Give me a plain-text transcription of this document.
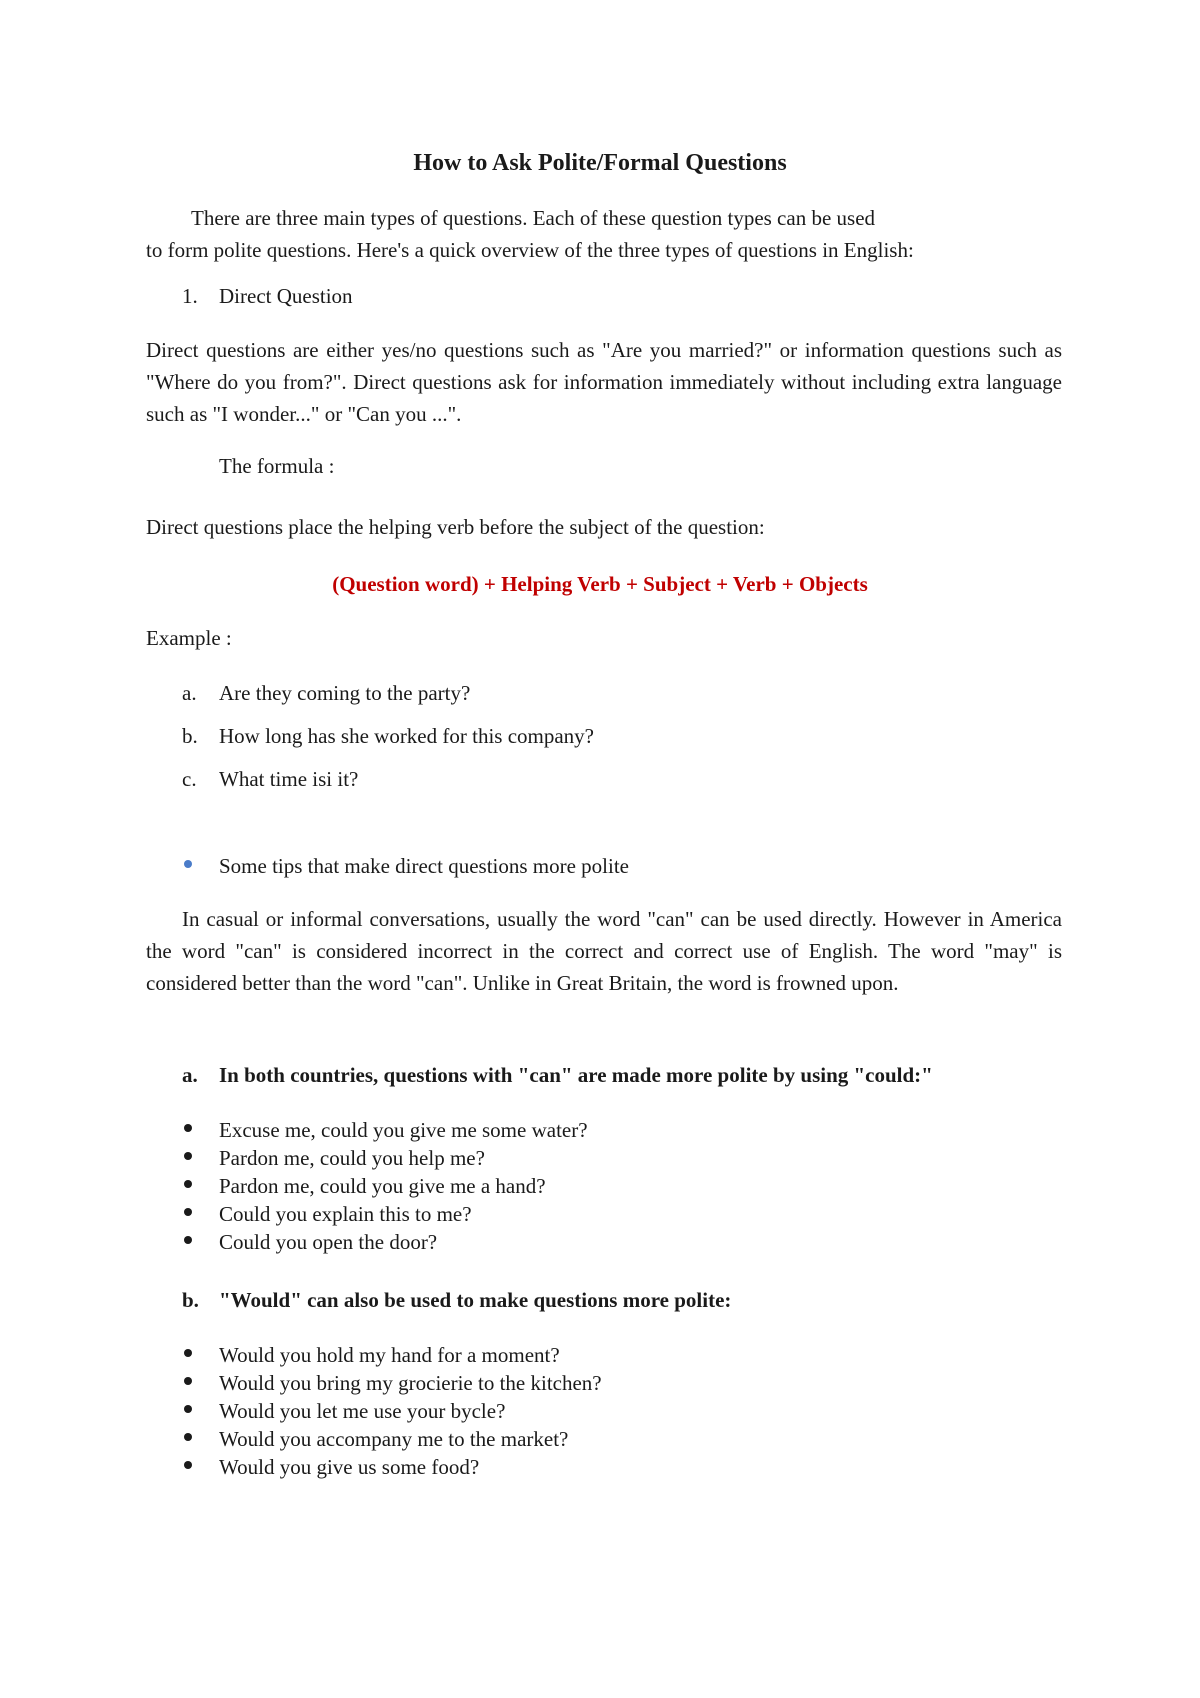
How to Ask Polite/Formal Questions
There are three main types of questions. Each of these question types can be used
to form polite questions. Here's a quick overview of the three types of questions in English:
1. Direct Question
Direct questions are either yes/no questions such as "Are you married?" or information questions such as "Where do you from?". Direct questions ask for information immediately without including extra language such as "I wonder..." or "Can you ...".
The formula :
Direct questions place the helping verb before the subject of the question:
(Question word) + Helping Verb + Subject + Verb + Objects
Example :
a. Are they coming to the party?
b. How long has she worked for this company?
c. What time isi it?
Some tips that make direct questions more polite
In casual or informal conversations, usually the word "can" can be used directly. However in America the word "can" is considered incorrect in the correct and correct use of English. The word "may" is considered better than the word "can". Unlike in Great Britain, the word is frowned upon.
a. In both countries, questions with "can" are made more polite by using "could:"
Excuse me, could you give me some water?
Pardon me, could you help me?
Pardon me, could you give me a hand?
Could you explain this to me?
Could you open the door?
b. "Would" can also be used to make questions more polite:
Would you hold my hand for a moment?
Would you bring my grocierie to the kitchen?
Would you let me use your bycle?
Would you accompany me to the market?
Would you give us some food?
